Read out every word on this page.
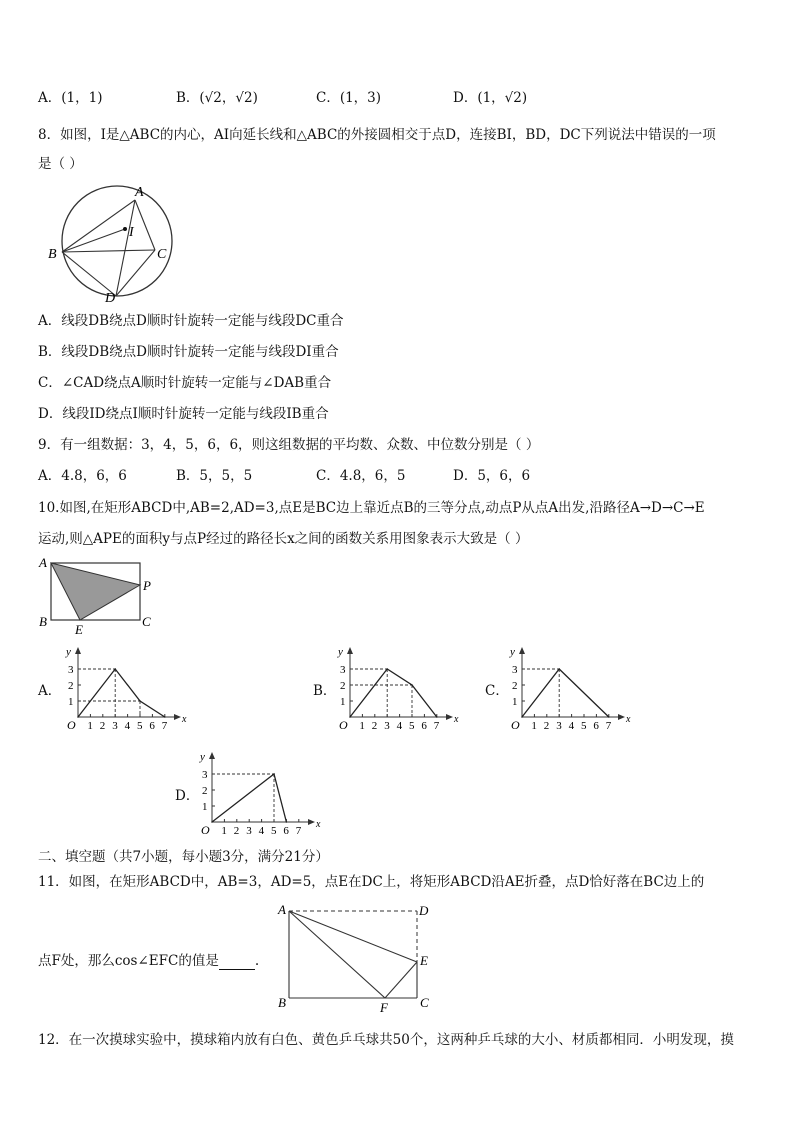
A．(1，1)	B．(√2，√2)	C．(1，3)	D．(1，√2)
8．如图，I是△ABC的内心，AI向延长线和△ABC的外接圆相交于点D，连接BI，BD，DC下列说法中错误的一项
是（ ）
A
B	C
D
I
A．线段DB绕点D顺时针旋转一定能与线段DC重合
B．线段DB绕点D顺时针旋转一定能与线段DI重合
C．∠CAD绕点A顺时针旋转一定能与∠DAB重合
D．线段ID绕点I顺时针旋转一定能与线段IB重合
9．有一组数据：3，4，5，6，6，则这组数据的平均数、众数、中位数分别是（ ）
A．4.8，6，6	B．5，5，5	C．4.8，6，5	D．5，6，6
10.如图,在矩形ABCD中,AB=2,AD=3,点E是BC边上靠近点B的三等分点,动点P从点A出发,沿路径A→D→C→E
运动,则△APE的面积y与点P经过的路径长x之间的函数关系用图象表示大致是（ ）
A
B	C
P
E
A．	B．	C．
D．
x
y
O 1 2 3 4 5 6 7
1
2
3
x
y
O 1 2 3 4 5 6 7
1
2
3
x
y
O 1 2 3 4 5 6 7
1
2
3
x
y
O 1 2 3 4 5 6 7
1
2
3
二、填空题（共7小题，每小题3分，满分21分）
11．如图，在矩形ABCD中，AB=3，AD=5，点E在DC上，将矩形ABCD沿AE折叠，点D恰好落在BC边上的
点F处，那么cos∠EFC的值是	.
A	D
E
B	C
F
12．在一次摸球实验中，摸球箱内放有白色、黄色乒乓球共50个，这两种乒乓球的大小、材质都相同．小明发现，摸
